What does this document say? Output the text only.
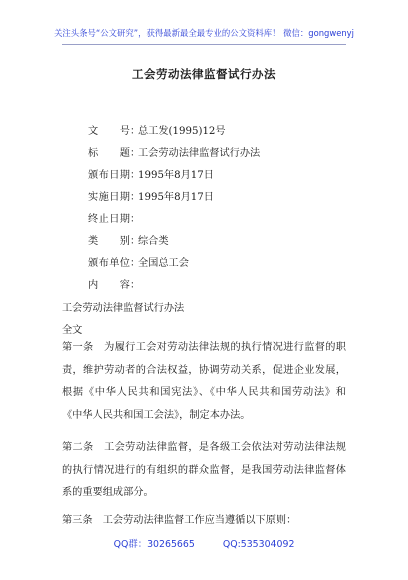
关注头条号“公文研究”，获得最新最全最专业的公文资料库！ 微信：gongwenyj
工会劳动法律监督试行办法
文　　号：总工发(1995)12号
标　　题：工会劳动法律监督试行办法
颁布日期：1995年8月17日
实施日期：1995年8月17日
终止日期：
类　　别：综合类
颁布单位：全国总工会
内　　容：
工会劳动法律监督试行办法
全文
第一条　为履行工会对劳动法律法规的执行情况进行监督的职责，维护劳动者的合法权益，协调劳动关系，促进企业发展，根据《中华人民共和国宪法》、《中华人民共和国劳动法》和《中华人民共和国工会法》，制定本办法。
第二条　工会劳动法律监督，是各级工会依法对劳动法律法规的执行情况进行的有组织的群众监督，是我国劳动法律监督体系的重要组成部分。
第三条　工会劳动法律监督工作应当遵循以下原则：
QQ群：30265665	QQ:535304092
